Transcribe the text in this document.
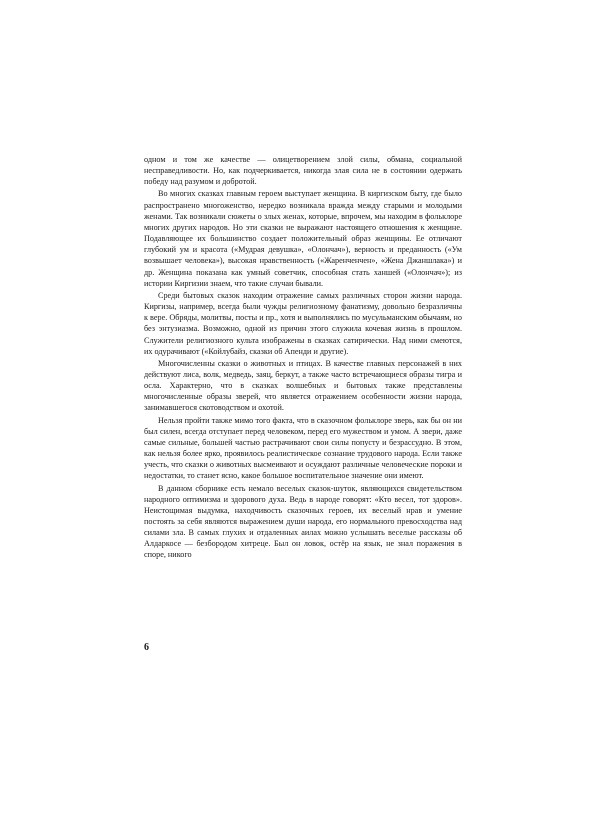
одном и том же качестве — олицетворением злой силы, обмана, социальной несправедливости. Но, как подчеркивается, никогда злая сила не в состоянии одержать победу над разумом и добротой.

Во многих сказках главным героем выступает женщина. В киргизском быту, где было распространено многоженство, нередко возникала вражда между старыми и молодыми женами. Так возникали сюжеты о злых женах, которые, впрочем, мы находим в фольклоре многих других народов. Но эти сказки не выражают настоящего отношения к женщине. Подавляющее их большинство создает положительный образ женщины. Ее отличают глубокий ум и красота («Мудрая девушка», «Олончач»), верность и преданность («Ум возвышает человека»), высокая нравственность («Жаренченчен», «Жена Джаншлака») и др. Женщина показана как умный советчик, способная стать ханшей («Олончач»); из истории Киргизии знаем, что такие случаи бывали.

Среди бытовых сказок находим отражение самых различных сторон жизни народа. Киргизы, например, всегда были чужды религиозному фанатизму, довольно безразличны к вере. Обряды, молитвы, посты и пр., хотя и выполнялись по мусульманским обычаям, но без энтузиазма. Возможно, одной из причин этого служила кочевая жизнь в прошлом. Служители религиозного культа изображены в сказках сатирически. Над ними смеются, их одурачивают («Койлубайз, сказки об Апенди и другие).

Многочисленны сказки о животных и птицах. В качестве главных персонажей в них действуют лиса, волк, медведь, заяц, беркут, а также часто встречающиеся образы тигра и осла. Характерно, что в сказках волшебных и бытовых также представлены многочисленные образы зверей, что является отражением особенности жизни народа, занимавшегося скотоводством и охотой.

Нельзя пройти также мимо того факта, что в сказочном фольклоре зверь, как бы он ни был силен, всегда отступает перед человеком, перед его мужеством и умом. А звери, даже самые сильные, большей частью растрачивают свои силы попусту и безрассудно. В этом, как нельзя более ярко, проявилось реалистическое сознание трудового народа. Если также учесть, что сказки о животных высмеивают и осуждают различные человеческие пороки и недостатки, то станет ясно, какое большое воспитательное значение они имеют.

В данном сборнике есть немало веселых сказок-шуток, являющихся свидетельством народного оптимизма и здорового духа. Ведь в народе говорят: «Кто весел, тот здоров». Неистощимая выдумка, находчивость сказочных героев, их веселый нрав и умение постоять за себя являются выражением души народа, его нормального превосходства над силами зла. В самых глухих и отдаленных аилах можно услышать веселые рассказы об Алдаркосе — безбородом хитреце. Был он ловок, остёр на язык, не знал поражения в споре, никого

6
